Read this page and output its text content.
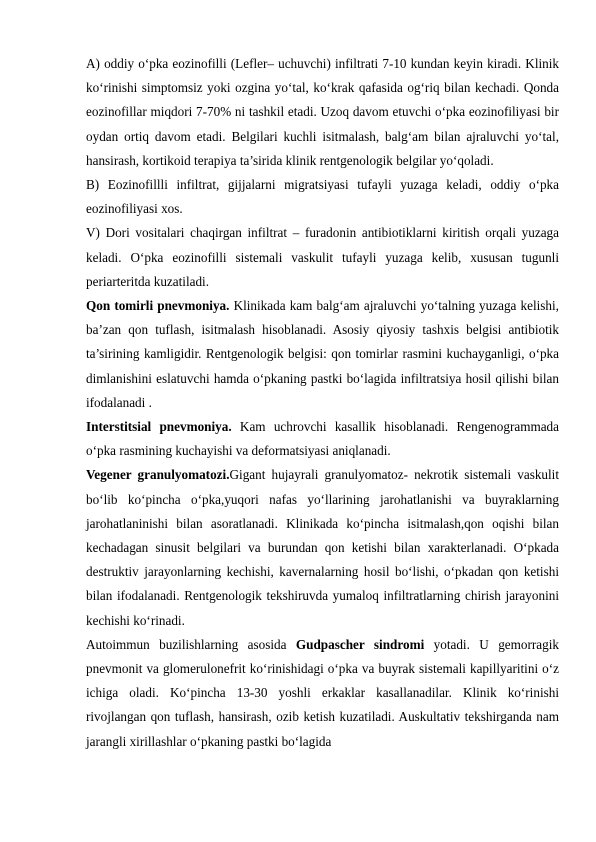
A) oddiy o‘pka eozinofilli (Lefler– uchuvchi) infiltrati 7-10 kundan keyin kiradi. Klinik ko‘rinishi simptomsiz yoki ozgina yo‘tal, ko‘krak qafasida og‘riq bilan kechadi. Qonda eozinofillar miqdori 7-70% ni tashkil etadi. Uzoq davom etuvchi o‘pka eozinofiliyasi bir oydan ortiq davom etadi. Belgilari kuchli isitmalash, balg‘am bilan ajraluvchi yo‘tal, hansirash, kortikoid terapiya ta’sirida klinik rentgenologik belgilar yo‘qoladi.

B) Eozinofillli infiltrat, gijjalarni migratsiyasi tufayli yuzaga keladi, oddiy o‘pka eozinofiliyasi xos.

V) Dori vositalari chaqirgan infiltrat – furadonin antibiotiklarni kiritish orqali yuzaga keladi. O‘pka eozinofilli sistemali vaskulit tufayli yuzaga kelib, xususan tugunli periarteritda kuzatiladi.

Qon tomirli pnevmoniya. Klinikada kam balg‘am ajraluvchi yo‘talning yuzaga kelishi, ba’zan qon tuflash, isitmalash hisoblanadi. Asosiy qiyosiy tashxis belgisi antibiotik ta’sirining kamligidir. Rentgenologik belgisi: qon tomirlar rasmini kuchayganligi, o‘pka dimlanishini eslatuvchi hamda o‘pkaning pastki bo‘lagida infiltratsiya hosil qilishi bilan ifodalanadi .

Interstitsial pnevmoniya. Kam uchrovchi kasallik hisoblanadi. Rengenogrammada o‘pka rasmining kuchayishi va deformatsiyasi aniqlanadi.

Vegener granulyomatozi.Gigant hujayrali granulyomatoz- nekrotik sistemali vaskulit bo‘lib ko‘pincha o‘pka,yuqori nafas yo‘llarining jarohatlanishi va buyraklarning jarohatlaninishi bilan asoratlanadi. Klinikada ko‘pincha isitmalash,qon oqishi bilan kechadagan sinusit belgilari va burundan qon ketishi bilan xarakterlanadi. O‘pkada destruktiv jarayonlarning kechishi, kavernalarning hosil bo‘lishi, o‘pkadan qon ketishi bilan ifodalanadi. Rentgenologik tekshiruvda yumaloq infiltratlarning chirish jarayonini kechishi ko‘rinadi.

Autoimmun buzilishlarning asosida Gudpascher sindromi yotadi. U gemorragik pnevmonit va glomerulonefrit ko‘rinishidagi o‘pka va buyrak sistemali kapillyaritini o‘z ichiga oladi. Ko‘pincha 13-30 yoshli erkaklar kasallanadilar. Klinik ko‘rinishi rivojlangan qon tuflash, hansirash, ozib ketish kuzatiladi. Auskultativ tekshirganda nam jarangli xirillashlar o‘pkaning pastki bo‘lagida
